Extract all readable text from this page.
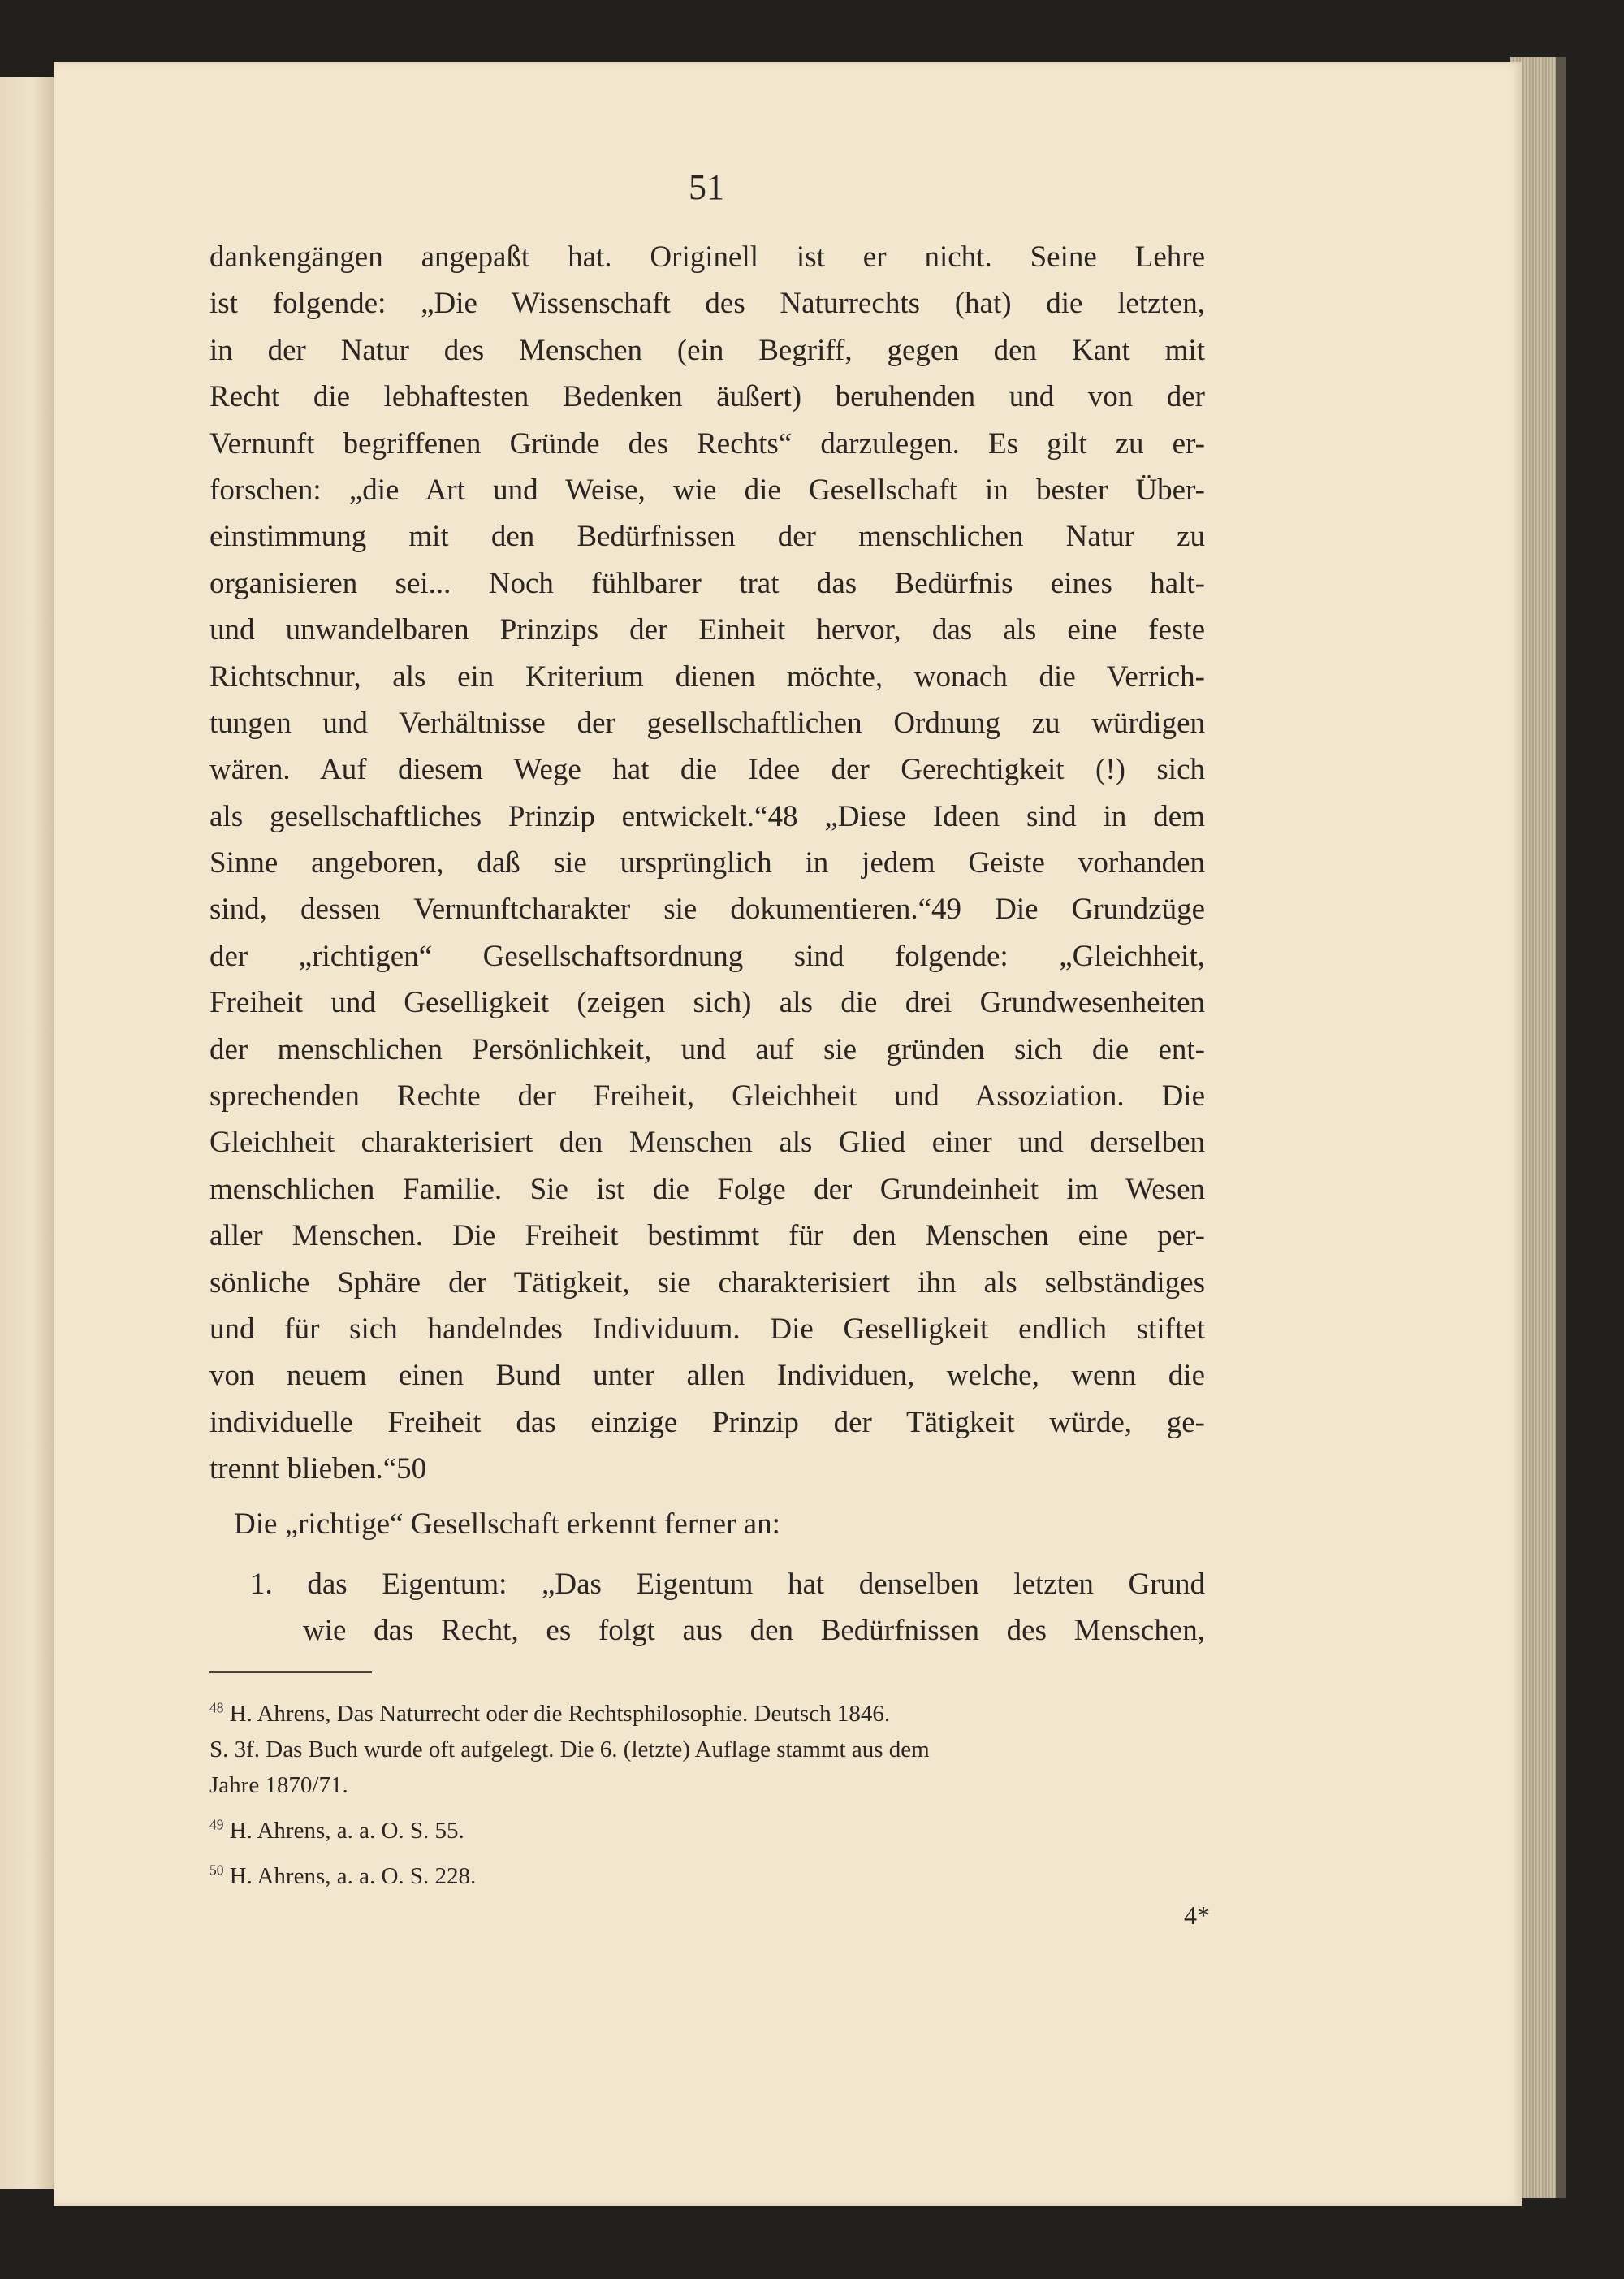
51
dankengängen angepaßt hat. Originell ist er nicht. Seine Lehre
ist folgende: „Die Wissenschaft des Naturrechts (hat) die letzten,
in der Natur des Menschen (ein Begriff, gegen den Kant mit
Recht die lebhaftesten Bedenken äußert) beruhenden und von der
Vernunft begriffenen Gründe des Rechts“ darzulegen. Es gilt zu er-
forschen: „die Art und Weise, wie die Gesellschaft in bester Über-
einstimmung mit den Bedürfnissen der menschlichen Natur zu
organisieren sei... Noch fühlbarer trat das Bedürfnis eines halt-
und unwandelbaren Prinzips der Einheit hervor, das als eine feste
Richtschnur, als ein Kriterium dienen möchte, wonach die Verrich-
tungen und Verhältnisse der gesellschaftlichen Ordnung zu würdigen
wären. Auf diesem Wege hat die Idee der Gerechtigkeit (!) sich
als gesellschaftliches Prinzip entwickelt.“48 „Diese Ideen sind in dem
Sinne angeboren, daß sie ursprünglich in jedem Geiste vorhanden
sind, dessen Vernunftcharakter sie dokumentieren.“49 Die Grundzüge
der „richtigen“ Gesellschaftsordnung sind folgende: „Gleichheit,
Freiheit und Geselligkeit (zeigen sich) als die drei Grundwesenheiten
der menschlichen Persönlichkeit, und auf sie gründen sich die ent-
sprechenden Rechte der Freiheit, Gleichheit und Assoziation. Die
Gleichheit charakterisiert den Menschen als Glied einer und derselben
menschlichen Familie. Sie ist die Folge der Grundeinheit im Wesen
aller Menschen. Die Freiheit bestimmt für den Menschen eine per-
sönliche Sphäre der Tätigkeit, sie charakterisiert ihn als selbständiges
und für sich handelndes Individuum. Die Geselligkeit endlich stiftet
von neuem einen Bund unter allen Individuen, welche, wenn die
individuelle Freiheit das einzige Prinzip der Tätigkeit würde, ge-
trennt blieben.“50
Die „richtige“ Gesellschaft erkennt ferner an:
1. das Eigentum: „Das Eigentum hat denselben letzten Grund
wie das Recht, es folgt aus den Bedürfnissen des Menschen,
$^{48}$ H. Ahrens, Das Naturrecht oder die Rechtsphilosophie. Deutsch 1846.
S. 3f. Das Buch wurde oft aufgelegt. Die 6. (letzte) Auflage stammt aus dem
Jahre 1870/71.
$^{49}$ H. Ahrens, a. a. O. S. 55.
$^{50}$ H. Ahrens, a. a. O. S. 228.
4*
